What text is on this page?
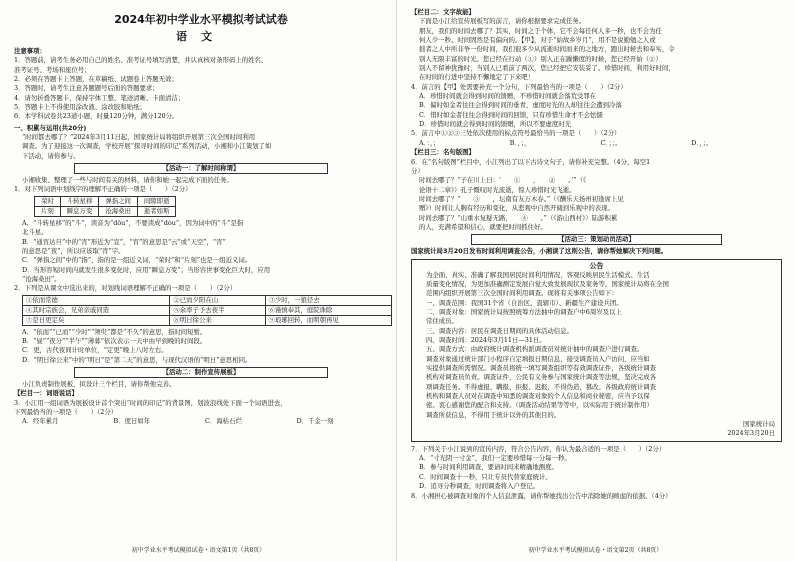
2024年初中学业水平模拟考试试卷
语文
注意事项：
1．答题前，请考生务必用自己的姓名、准考证号填写清楚，并认真核对条形码上的姓名、
准考证号、考场和座位号；
2．必须在答题卡上答题，在草稿纸、试题卷上答题无效；
3．答题时，请考生注意各题题号后面的答题要求；
4．请勿折叠答题卡，保持字体工整、笔迹清晰、卡面清洁；
5．答题卡上不得使用涂改液、涂改胶和贴纸；
6．本学科试卷共23道小题，时量120分钟，满分120分。
一、积累与运用(共20分)
“时间都去哪了？”2024年3月11日起，国家统计局将组织开展第三次全国时间利用
调查。为了迎接这一次调查，学校开展“探寻时间的印记”系列活动，小湘和小江策划了如
下活动，请你参与。
【活动一：了解时间称谓】
小湘收集、整理了一些与时间有关的材料，请你和她一起完成下面的任务。
1．对下列词语中划线字的理解不正确的一项是（　　）（2分）
荣时	斗转星移	弹指之间	间隙即逝
片刻	瞬息万变	沧海桑田	逝者如斯
A．“斗转星移”的“斗”，读音为“dǒu”，不要读成“dòu”，因为词中的“斗”是指
北斗星。
B．“通宵达旦”中的“宵”形近为“宣”，“宵”的意思是“云”或“天空”，“宵”
的意思是“夜”，所以应该取“宵”字。
C．“弹指之间”中的“指”，指的是一组近义词，“荣时”和“片刻”也是一组近义词。
D．当形容短时间内就发生很多变化时，应用“瞬息万变”；当形容世事变化巨大时，应用
“沧海桑田”。
2．下列是从课文中选出来的，对划线词语理解不正确的一项是（　　）（2分）
①依而常德	②已而夕阳在山	③少时，一狼径去
④其时宗族会，兄弟亲戚同造	⑤余率子予去夜半	⑥谨慎奉其，庭院诛除
⑦是日更定矣	⑧明日徐公来	⑨琅琊回转，而明朝再见
A．“依而”“已而”“少时”“须臾”都是“不久”的意思，指时间短暂。
B．“昼”“夜分”“半午”“薄暮”依次表示一天中由早到晚的时间段。
C．更，古代夜间计时单位，“定更”晚上八时左右。
D．“明日徐公来”中的“明日”是“第二天”的意思，与现代汉语的“明日”意思相同。
【活动二：制作宣传展板】
小江负责制作展板，拟设计三个栏目，请你帮他完善。
【栏目一：词语说话】
3．小江用一组词语为展板设计首个突出“时间的印记”的背景图，划波浪线处下面一个词语进去，
下列最恰当的一项是（　　）（2分）
A．经年累月	B．度日如年	C．海枯石烂	D．千金一刻
初中学业水平考试模拟试卷・语文第1页（共8页）
【栏目二：文字故能】
下面是小江给宣传展板写的前言，请你根据要求完成任务。
朋友，我们的时间去哪了？其实，时间之于个体，它不会每任何人多一秒，也不会为任
何人少一秒。时间固然是有偏向的。【甲】，对于“始故乡岁月”，用不是说勤勉之人或
拙者之人中所非争一份时间，我们很多少从流逝时间而来的之地方，跑出时候去和奉实，令
别人无限丰富的时光。您已经在行动（①）别人正在躁懒度的时候，您已经开始（②）
别人不留神犹豫时，当别人已看前了两次，您已经把它安装妥了。珍惜时间，利用好时间，
在时间的行进中坚持不懈地定了下来吧！
4．前言的【甲】处需要补充一个分句，下列最恰当的一项是（　　）（2分）
A．珍惜时间就会得到时间的馈赠，不珍惜时间就会落荒受罪在
B．偏时如金者往往会得到时间的垂青，虚度时光的人却往往会遭到冷落
C．惜时如金者往往会得到时间的回馈，只有珍惜生命才不会怯懦
D．珍惜时间就会得到时间的馈赠，所以不要虚度时光
5．前言中①②③三处依次使用的标点符号最恰当的一项是（　　）（2分）
A．：，；	B．，；，	C．；；。	D．，；。
【栏目三：名句版图】
6．在“名句版图”栏目中，小江列出了以下古诗文句子，请你补充完整。（4分，每空1
分）
时间去哪了？“子在川上曰：‘　　①　　，　　②　　。’”（《
论语十二章》）孔子慨叹时光流逝，惊人珍惜时光飞逝。
时间去哪了？“　　③　　，坛南有友万木春。”（《酬乐天扬州初逢席上见
赠》）时间让人胸有经历和变化，从悲观中自然开阔到乐观中的表现。
时间去哪了？“山重水复疑无路，　　④　　。”（《游山西村》）陆游积累
的人，充满希望和信心，就要把时间抓住好。
【活动三：策划动员活动】
国家统计局3月20日发布时间利用调查公告，小湘读了这则公告，请你帮她解决下列问题。
公告
为全面、真实、准确了解我国居民时间利用情况，客观反映居民生活模式、生活
质量变化情况，为更加准确测定发展自觉大致发展现状及家务等，国家统计局将在全国
范围内组织开展第三次全国时间利用调查。现将有关事项公告如下：
一、调查范围：我国31个省（自治区、直辖市）、新疆生产建设兵团。
二、调查对象：国家统计局按照统筹方法抽中的调查户中6周岁及以上
常住成员。
三、调查内容：居民在调查日期间的具体活动信息。
四、调查时间：2024年3月11日—31日。
五、调查方式：由政府统计调查机构派调查员对统计抽中的调查户进行调查。
调查对象通过统计部门小程序自定填报日期信息，接受调查员入户访问，应当如
实提供调查所需情况。调查员将统一填写调查组织等有效调查证件，各级统计调查
机构对调查员负责。调查证件，公民有义务参与国家统计调查等法规，坚决完成各
项调查任务。不得虚报、瞒报、拒报、迟报，不得伪造、篡改。各级政府统计调查
机构和调查人员对在调查中知悉的调查对象的个人信息和商业秘密，应当予以保
密。衷心感谢您的配合和支持。（调查活动结果等等中，以实际用于统计制作用）
调查所获信息，不得用于统计以外的其他目的。
国家统计局
2024年3月20日
7．下列关于小江说到的宣传内容，符合公告内容，你认为最合适的一项是（　　）（2分）
A．“寸光阴一寸金”，我们一定要珍惜每一分每一秒。
B．参与时间利用调查，要请时间来精确地测度。
C．时间调查十一秒，只让专员代替家庭统计。
D．追寻分秒调查，时间调查将入户登记。
8．小湘担心被调查对象的个人信息泄露，请你帮她找出公告中消除她的顾虑的依据。（4分）
初中学业水平考试模拟试卷・语文第2页（共8页）
